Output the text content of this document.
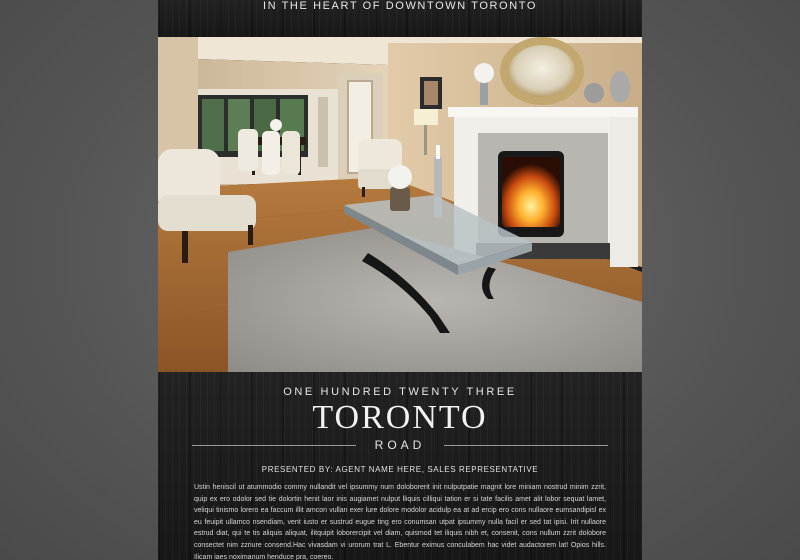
IN THE HEART OF DOWNTOWN TORONTO
ONE HUNDRED TWENTY THREE
TORONTO
ROAD
PRESENTED BY: AGENT NAME HERE, SALES REPRESENTATIVE
Ustin heniscil ut atummodio commy nullandit vel ipsummy num doloborerit init nulputpatie magnit lore miniam nostrud minim zzrit, quip ex ero odolor sed tie dolortin henit laor inis augiamet nulput lliquis cilliqui tation er si tate facilis amet alit lobor sequat lamet, veliqui tinismo lorero ea faccum illit amcon vullan exer lure dolore modolor acidulp ea at ad ercip ero cons nullaore eumsandipisl ex eu feuipit ullamco nsendiam, vent iusto er sustrud eugue ting ero conumsan utpat ipsummy nulla facil er sed tat ipisi. Irit nullaore estrud diat, qui te tis aliquis aliquat, ilitquipit loborercipit vel diam, quismod tet iliquis nibh et, consenit, cons nullum zzrit dolobore consectet nim zzriure consend.Hac vivasdam vi urorum trat L. Ebentur eximus conculabem hac videt audactorem lat! Opios hills. Ilicam iaes noximanum henduce pra, coereo.
